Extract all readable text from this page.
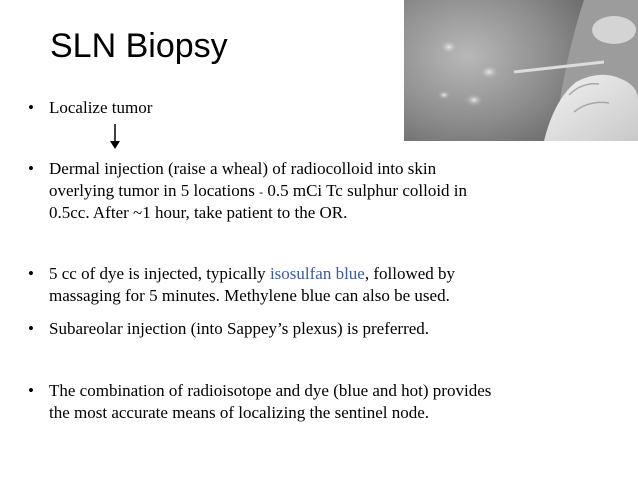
SLN Biopsy
• Localize tumor
• Dermal injection (raise a wheal) of radiocolloid into skin
overlying tumor in 5 locations - 0.5 mCi Tc sulphur colloid in
0.5cc. After ~1 hour, take patient to the OR.
• 5 cc of dye is injected, typically isosulfan blue, followed by
massaging for 5 minutes. Methylene blue can also be used.
• Subareolar injection (into Sappey’s plexus) is preferred.
• The combination of radioisotope and dye (blue and hot) provides
the most accurate means of localizing the sentinel node.
